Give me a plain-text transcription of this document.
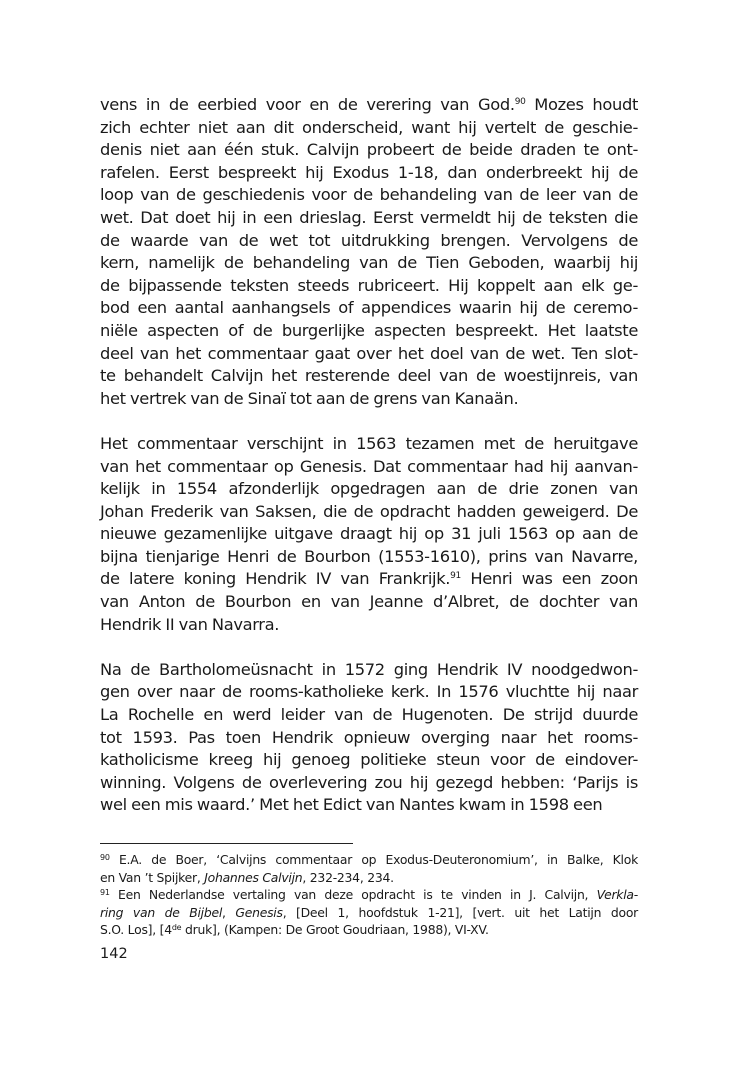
vens in de eerbied voor en de verering van God.$^{90}$ Mozes houdt
zich echter niet aan dit onderscheid, want hij vertelt de geschie-
denis niet aan één stuk. Calvijn probeert de beide draden te ont-
rafelen. Eerst bespreekt hij Exodus 1-18, dan onderbreekt hij de
loop van de geschiedenis voor de behandeling van de leer van de
wet. Dat doet hij in een drieslag. Eerst vermeldt hij de teksten die
de waarde van de wet tot uitdrukking brengen. Vervolgens de
kern, namelijk de behandeling van de Tien Geboden, waarbij hij
de bijpassende teksten steeds rubriceert. Hij koppelt aan elk ge-
bod een aantal aanhangsels of appendices waarin hij de ceremo-
niële aspecten of de burgerlijke aspecten bespreekt. Het laatste
deel van het commentaar gaat over het doel van de wet. Ten slot-
te behandelt Calvijn het resterende deel van de woestijnreis, van
het vertrek van de Sinaï tot aan de grens van Kanaän.
Het commentaar verschijnt in 1563 tezamen met de heruitgave
van het commentaar op Genesis. Dat commentaar had hij aanvan-
kelijk in 1554 afzonderlijk opgedragen aan de drie zonen van
Johan Frederik van Saksen, die de opdracht hadden geweigerd. De
nieuwe gezamenlijke uitgave draagt hij op 31 juli 1563 op aan de
bijna tienjarige Henri de Bourbon (1553-1610), prins van Navarre,
de latere koning Hendrik IV van Frankrijk.$^{91}$ Henri was een zoon
van Anton de Bourbon en van Jeanne d’Albret, de dochter van
Hendrik II van Navarra.
Na de Bartholomeüsnacht in 1572 ging Hendrik IV noodgedwon-
gen over naar de rooms-katholieke kerk. In 1576 vluchtte hij naar
La Rochelle en werd leider van de Hugenoten. De strijd duurde
tot 1593. Pas toen Hendrik opnieuw overging naar het rooms-
katholicisme kreeg hij genoeg politieke steun voor de eindover-
winning. Volgens de overlevering zou hij gezegd hebben: ‘Parijs is
wel een mis waard.’ Met het Edict van Nantes kwam in 1598 een
$^{90}$ E.A. de Boer, ‘Calvijns commentaar op Exodus-Deuteronomium’, in Balke, Klok
en Van ’t Spijker, Johannes Calvijn, 232-234, 234.
$^{91}$ Een Nederlandse vertaling van deze opdracht is te vinden in J. Calvijn, Verkla-
ring van de Bijbel, Genesis, [Deel 1, hoofdstuk 1-21], [vert. uit het Latijn door
S.O. Los], [4de druk], (Kampen: De Groot Goudriaan, 1988), VI-XV.
142
